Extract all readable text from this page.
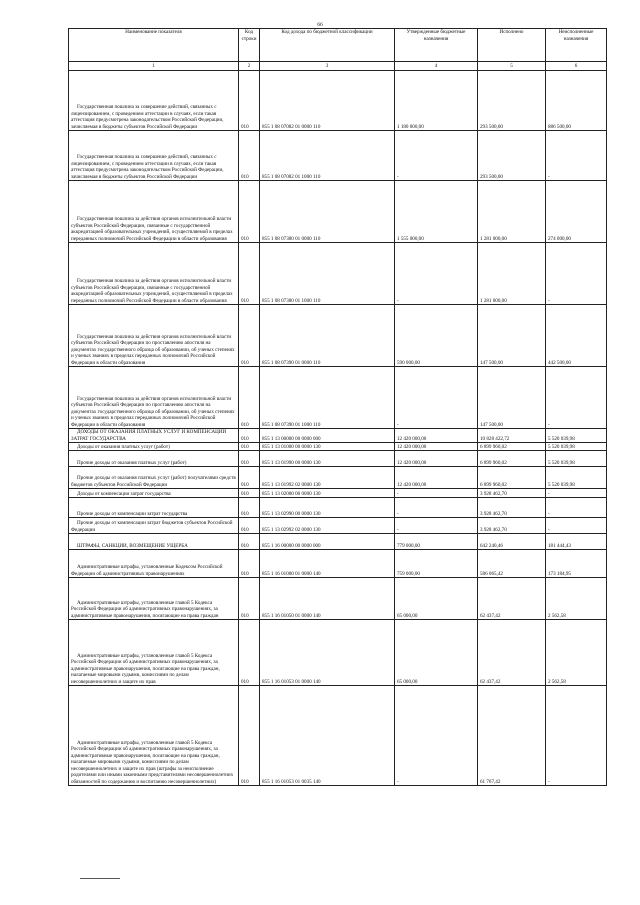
66
Наименование показателя	Код строки	Код дохода по бюджетной классификации	Утвержденные бюджетные назначения	Исполнено	Неисполненные назначения
1	2	3	4	5	6
Государственная пошлина за совершение действий, связанных с лицензированием, с проведением аттестации в случаях, если такая аттестация предусмотрена законодательством Российской Федерации, зачисляемая в бюджеты субъектов Российской Федерации	010	855 1 08 07082 01 0000 110	1 180 000,00	293 500,00	886 500,00
Государственная пошлина за совершение действий, связанных с лицензированием, с проведением аттестации в случаях, если такая аттестация предусмотрена законодательством Российской Федерации, зачисляемая в бюджеты субъектов Российской Федерации	010	855 1 08 07082 01 1000 110	-	293 500,00	-
Государственная пошлина за действия органов исполнительной власти субъектов Российской Федерации, связанные с государственной аккредитацией образовательных учреждений, осуществляемой в пределах переданных полномочий Российской Федерации в области образования	010	855 1 08 07380 01 0000 110	1 555 000,00	1 281 000,00	274 000,00
Государственная пошлина за действия органов исполнительной власти субъектов Российской Федерации, связанные с государственной аккредитацией образовательных учреждений, осуществляемой в пределах переданных полномочий Российской Федерации в области образования	010	855 1 08 07380 01 1000 110	-	1 281 000,00	-
Государственная пошлина за действия органов исполнительной власти субъектов Российской Федерации по проставлению апостиля на документах государственного образца об образовании, об ученых степенях и ученых званиях в пределах переданных полномочий Российской Федерации в области образования	010	855 1 08 07390 01 0000 110	590 000,00	147 500,00	442 500,00
Государственная пошлина за действия органов исполнительной власти субъектов Российской Федерации по проставлению апостиля на документах государственного образца об образовании, об ученых степенях и ученых званиях в пределах переданных полномочий Российской Федерации в области образования	010	855 1 08 07390 01 1000 110	-	147 500,00	-
ДОХОДЫ ОТ ОКАЗАНИЯ ПЛАТНЫХ УСЛУГ И КОМПЕНСАЦИИ ЗАТРАТ ГОСУДАРСТВА	010	855 1 13 00000 00 0000 000	12 420 000,00	10 828 422,72	5 520 039,98
Доходы от оказания платных услуг (работ)	010	855 1 13 01000 00 0000 130	12 420 000,00	6 899 960,02	5 520 039,98
Прочие доходы от оказания платных услуг (работ)	010	855 1 13 01990 00 0000 130	12 420 000,00	6 899 960,02	5 520 039,98
Прочие доходы от оказания платных услуг (работ) получателями средств бюджетов субъектов Российской Федерации	010	855 1 13 01992 02 0000 130	12 420 000,00	6 899 960,02	5 520 039,98
Доходы от компенсации затрат государства	010	855 1 13 02000 00 0000 130	-	3 928 462,70	-
Прочие доходы от компенсации затрат государства	010	855 1 13 02990 00 0000 130	-	3 928 462,70	-
Прочие доходы от компенсации затрат бюджетов субъектов Российской Федерации	010	855 1 13 02992 02 0000 130	-	3 928 462,70	-
ШТРАФЫ, САНКЦИИ, ВОЗМЕЩЕНИЕ УЩЕРБА	010	855 1 16 00000 00 0000 000	779 000,00	642 240,46	181 444,43
Административные штрафы, установленные Кодексом Российской Федерации об административных правонарушениях	010	855 1 16 01000 01 0000 140	759 000,00	586 065,42	173 184,95
Административные штрафы, установленные главой 5 Кодекса Российской Федерации об административных правонарушениях, за административные правонарушения, посягающие на права граждан	010	855 1 16 01050 01 0000 140	65 000,00	62 437,42	2 562,58
Административные штрафы, установленные главой 5 Кодекса Российской Федерации об административных правонарушениях, за административные правонарушения, посягающие на права граждан, налагаемые мировыми судьями, комиссиями по делам несовершеннолетних и защите их прав	010	855 1 16 01053 01 0000 140	65 000,00	62 437,42	2 562,58
Административные штрафы, установленные главой 5 Кодекса Российской Федерации об административных правонарушениях, за административные правонарушения, посягающие на права граждан, налагаемые мировыми судьями, комиссиями по делам несовершеннолетних и защите их прав (штрафы за неисполнение родителями или иными законными представителями несовершеннолетних обязанностей по содержанию и воспитанию несовершеннолетних)	010	855 1 16 01053 01 0035 140	-	61 767,42	-
